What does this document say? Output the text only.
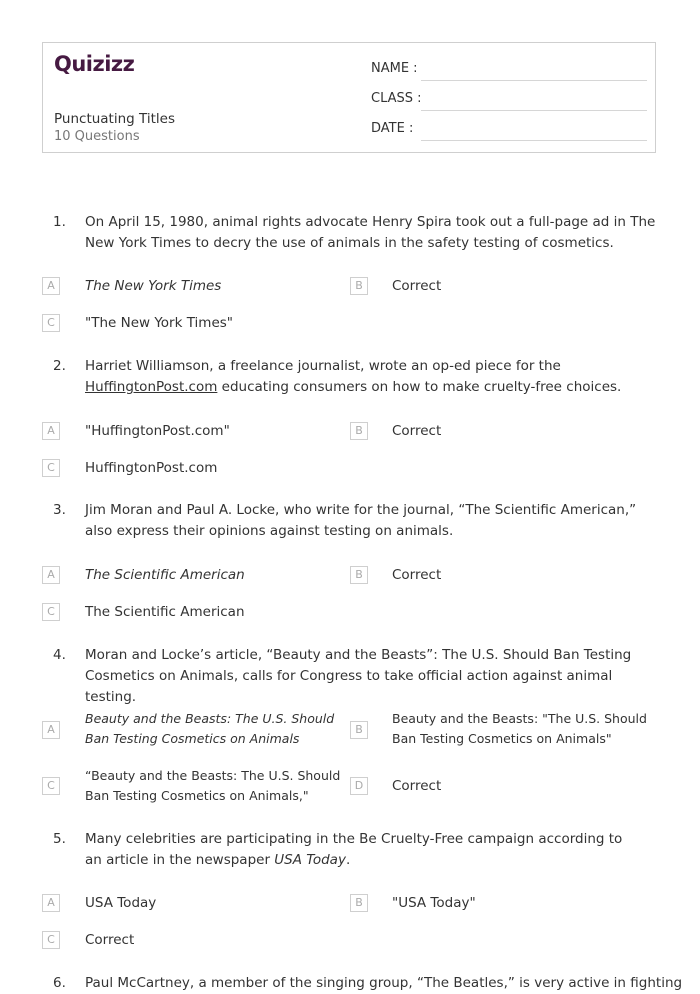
Quizizz
Punctuating Titles
10 Questions
NAME :
CLASS :
DATE :
1.	On April 15, 1980, animal rights advocate Henry Spira took out a full-page ad in The New York Times to decry the use of animals in the safety testing of cosmetics.
A	The New York Times	B	Correct
C	"The New York Times"
2.	Harriet Williamson, a freelance journalist, wrote an op-ed piece for the
HuffingtonPost.com educating consumers on how to make cruelty-free choices.
A	"HuffingtonPost.com"	B	Correct
C	HuffingtonPost.com
3.	Jim Moran and Paul A. Locke, who write for the journal, “The Scientific American,” also express their opinions against testing on animals.
A	The Scientific American	B	Correct
C	The Scientific American
4.	Moran and Locke’s article, “Beauty and the Beasts”: The U.S. Should Ban Testing Cosmetics on Animals, calls for Congress to take official action against animal testing.
A
Beauty and the Beasts: The U.S. Should Ban Testing Cosmetics on Animals
B
Beauty and the Beasts: "The U.S. Should Ban Testing Cosmetics on Animals"
C
“Beauty and the Beasts: The U.S. Should Ban Testing Cosmetics on Animals,"
D	Correct
5.	Many celebrities are participating in the Be Cruelty-Free campaign according to an article in the newspaper USA Today.
A	USA Today	B	"USA Today"
C	Correct
6.	Paul McCartney, a member of the singing group, “The Beatles,” is very active in fighting
